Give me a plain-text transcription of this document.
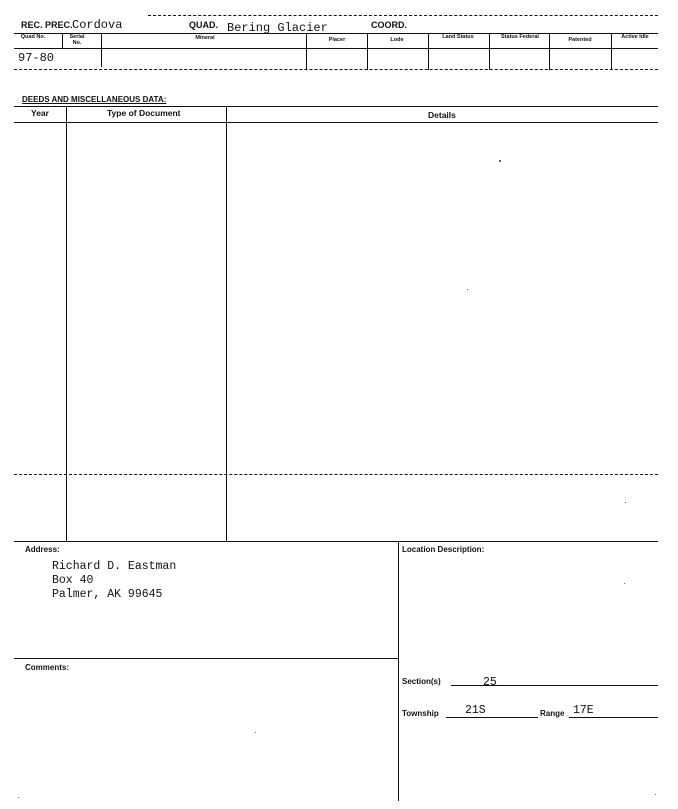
REC. PREC. Cordova	QUAD. Bering Glacier	COORD.
Quad No.	Serial No.
Mineral	Placer	Lode	Land Status	Status Federal	Patented	Active Idle
97-80
DEEDS AND MISCELLANEOUS DATA:
Year	Type of Document	Details
Address:
Richard D. Eastman
Box 40
Palmer, AK 99645
Location Description:
Comments:
Section(s)	25
Township 21S	Range 17E
